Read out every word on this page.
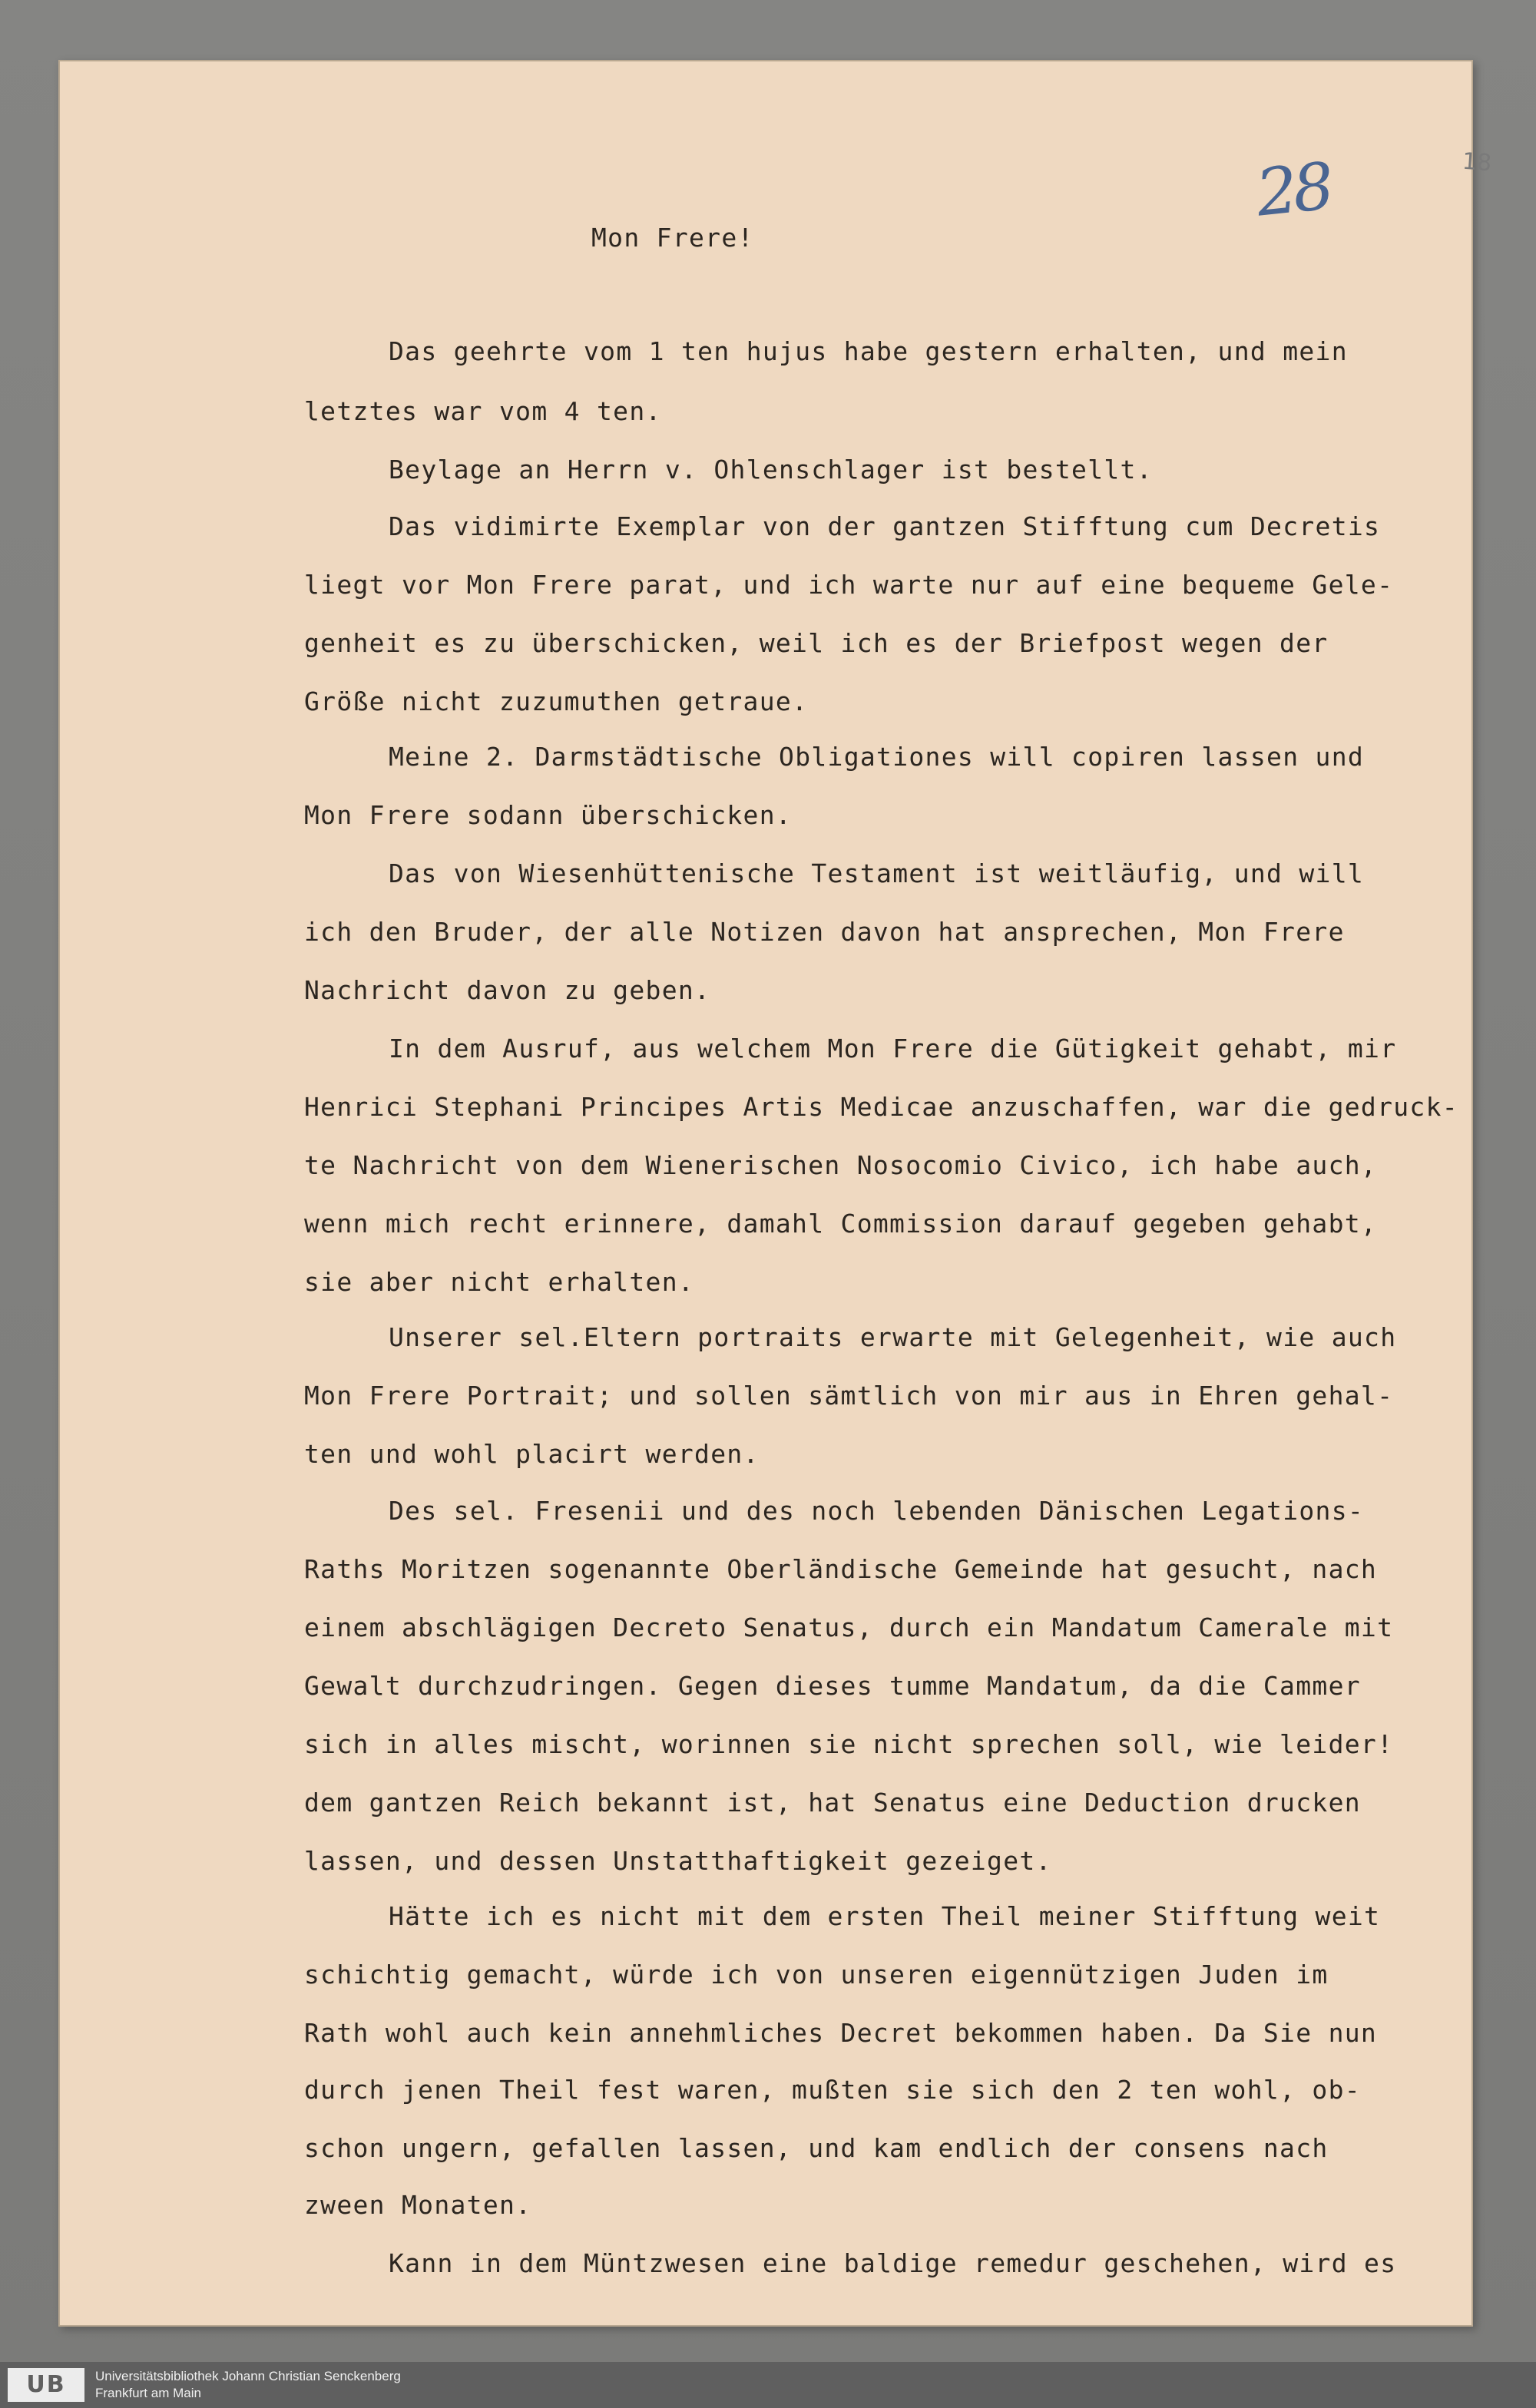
28	18
Mon Frere!
Das geehrte vom 1 ten hujus habe gestern erhalten, und mein
letztes war vom 4 ten.
Beylage an Herrn v. Ohlenschlager ist bestellt.
Das vidimirte Exemplar von der gantzen Stifftung cum Decretis
liegt vor Mon Frere parat, und ich warte nur auf eine bequeme Gele-
genheit es zu überschicken, weil ich es der Briefpost wegen der
Größe nicht zuzumuthen getraue.
Meine 2. Darmstädtische Obligationes will copiren lassen und
Mon Frere sodann überschicken.
Das von Wiesenhüttenische Testament ist weitläufig, und will
ich den Bruder, der alle Notizen davon hat ansprechen, Mon Frere
Nachricht davon zu geben.
In dem Ausruf, aus welchem Mon Frere die Gütigkeit gehabt, mir
Henrici Stephani Principes Artis Medicae anzuschaffen, war die gedruck-
te Nachricht von dem Wienerischen Nosocomio Civico, ich habe auch,
wenn mich recht erinnere, damahl Commission darauf gegeben gehabt,
sie aber nicht erhalten.
Unserer sel.Eltern portraits erwarte mit Gelegenheit, wie auch
Mon Frere Portrait; und sollen sämtlich von mir aus in Ehren gehal-
ten und wohl placirt werden.
Des sel. Fresenii und des noch lebenden Dänischen Legations-
Raths Moritzen sogenannte Oberländische Gemeinde hat gesucht, nach
einem abschlägigen Decreto Senatus, durch ein Mandatum Camerale mit
Gewalt durchzudringen. Gegen dieses tumme Mandatum, da die Cammer
sich in alles mischt, worinnen sie nicht sprechen soll, wie leider!
dem gantzen Reich bekannt ist, hat Senatus eine Deduction drucken
lassen, und dessen Unstatthaftigkeit gezeiget.
Hätte ich es nicht mit dem ersten Theil meiner Stifftung weit
schichtig gemacht, würde ich von unseren eigennützigen Juden im
Rath wohl auch kein annehmliches Decret bekommen haben. Da Sie nun
durch jenen Theil fest waren, mußten sie sich den 2 ten wohl, ob-
schon ungern, gefallen lassen, und kam endlich der consens nach
zween Monaten.
Kann in dem Müntzwesen eine baldige remedur geschehen, wird es
UB	Universitätsbibliothek Johann Christian Senckenberg
Frankfurt am Main
